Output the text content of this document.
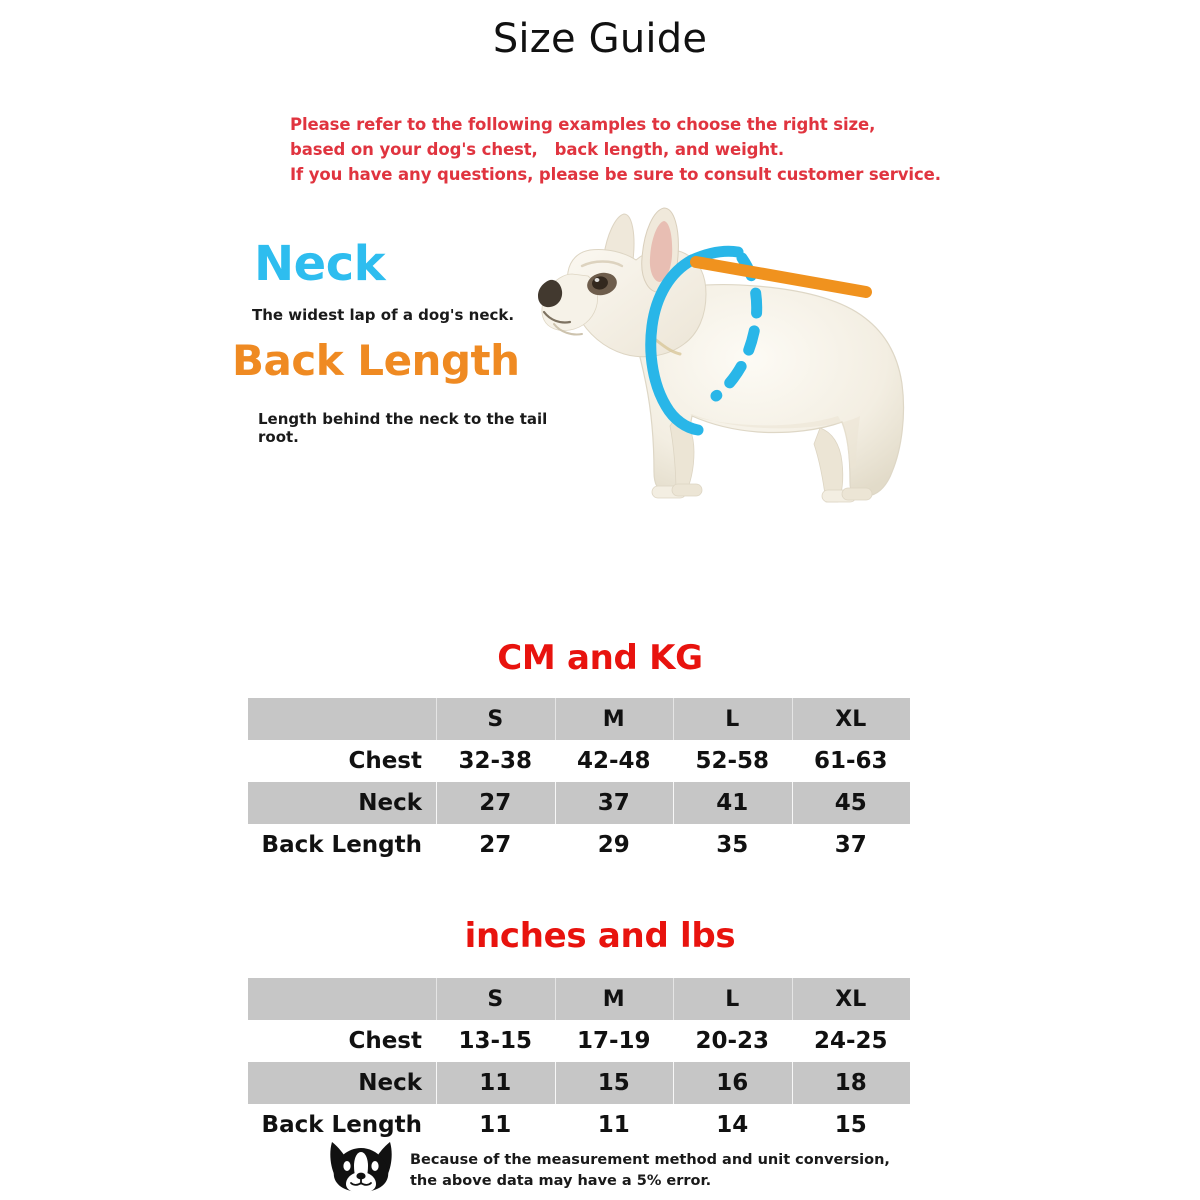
Size Guide
Please refer to the following examples to choose the right size,
based on your dog's chest,   back length, and weight.
If you have any questions, please be sure to consult customer service.
Neck
The widest lap of a dog's neck.
Back Length
Length behind the neck to the tail root.
CM and KG
	S	M	L	XL
Chest	32-38	42-48	52-58	61-63
Neck	27	37	41	45
Back Length	27	29	35	37
inches and lbs
	S	M	L	XL
Chest	13-15	17-19	20-23	24-25
Neck	11	15	16	18
Back Length	11	11	14	15
Because of the measurement method and unit conversion,
the above data may have a 5% error.
